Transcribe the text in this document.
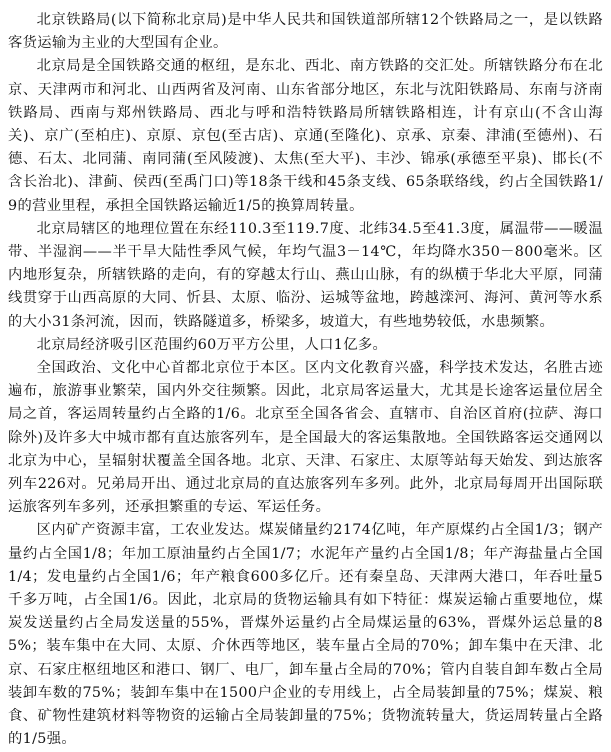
北京铁路局(以下简称北京局)是中华人民共和国铁道部所辖12个铁路局之一，是以铁路客货运输为主业的大型国有企业。

北京局是全国铁路交通的枢纽，是东北、西北、南方铁路的交汇处。所辖铁路分布在北京、天津两市和河北、山西两省及河南、山东省部分地区，东北与沈阳铁路局、东南与济南铁路局、西南与郑州铁路局、西北与呼和浩特铁路局所辖铁路相连，计有京山(不含山海关)、京广(至柏庄)、京原、京包(至古店)、京通(至隆化)、京承、京秦、津浦(至德州)、石德、石太、北同蒲、南同蒲(至风陵渡)、太焦(至大平)、丰沙、锦承(承德至平泉)、邯长(不含长治北)、津蓟、侯西(至禹门口)等18条干线和45条支线、65条联络线，约占全国铁路1/9的营业里程，承担全国铁路运输近1/5的换算周转量。

北京局辖区的地理位置在东经110.3至119.7度、北纬34.5至41.3度，属温带——暖温带、半湿润——半干旱大陆性季风气候，年均气温3－14℃，年均降水350－800毫米。区内地形复杂，所辖铁路的走向，有的穿越太行山、燕山山脉，有的纵横于华北大平原，同蒲线贯穿于山西高原的大同、忻县、太原、临汾、运城等盆地，跨越滦河、海河、黄河等水系的大小31条河流，因而，铁路隧道多，桥梁多，坡道大，有些地势较低，水患频繁。

北京局经济吸引区范围约60万平方公里，人口1亿多。

全国政治、文化中心首都北京位于本区。区内文化教育兴盛，科学技术发达，名胜古迹遍布，旅游事业繁荣，国内外交往频繁。因此，北京局客运量大，尤其是长途客运量位居全局之首，客运周转量约占全路的1/6。北京至全国各省会、直辖市、自治区首府(拉萨、海口除外)及许多大中城市都有直达旅客列车，是全国最大的客运集散地。全国铁路客运交通网以北京为中心，呈辐射状覆盖全国各地。北京、天津、石家庄、太原等站每天始发、到达旅客列车226对。兄弟局开出、通过北京局的直达旅客列车多列。此外，北京局每周开出国际联运旅客列车多列，还承担繁重的专运、军运任务。

区内矿产资源丰富，工农业发达。煤炭储量约2174亿吨，年产原煤约占全国1/3；钢产量约占全国1/8；年加工原油量约占全国1/7；水泥年产量约占全国1/8；年产海盐量占全国1/4；发电量约占全国1/6；年产粮食600多亿斤。还有秦皇岛、天津两大港口，年吞吐量5千多万吨，占全国1/6。因此，北京局的货物运输具有如下特征：煤炭运输占重要地位，煤炭发送量约占全局发送量的55%，晋煤外运量约占全局煤运量的63%，晋煤外运总量的85%；装车集中在大同、太原、介休西等地区，装车量占全局的70%；卸车集中在天津、北京、石家庄枢纽地区和港口、钢厂、电厂，卸车量占全局的70%；管内自装自卸车数占全局装卸车数的75%；装卸车集中在1500户企业的专用线上，占全局装卸量的75%；煤炭、粮食、矿物性建筑材料等物资的运输占全局装卸量的75%；货物流转量大，货运周转量占全路的1/5强。
